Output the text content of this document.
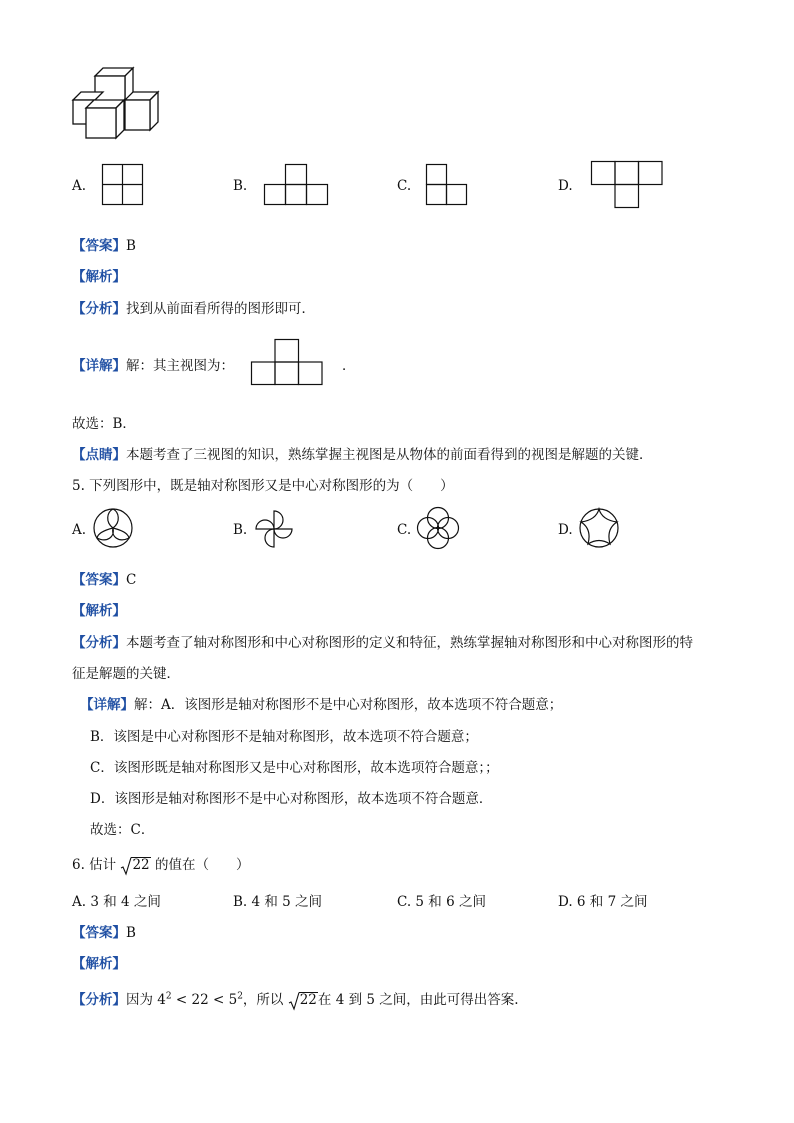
A.	B.	C.	D.
【答案】B
【解析】
【分析】找到从前面看所得的图形即可．
【详解】解：其主视图为：	．
故选：B．
【点睛】本题考查了三视图的知识，熟练掌握主视图是从物体的前面看得到的视图是解题的关键．
5. 下列图形中，既是轴对称图形又是中心对称图形的为（　　）
A.	B.	C.	D.
【答案】C
【解析】
【分析】本题考查了轴对称图形和中心对称图形的定义和特征，熟练掌握轴对称图形和中心对称图形的特
征是解题的关键．
【详解】解：A．该图形是轴对称图形不是中心对称图形，故本选项不符合题意；
B．该图是中心对称图形不是轴对称图形，故本选项不符合题意；
C．该图形既是轴对称图形又是中心对称图形，故本选项符合题意；；
D．该图形是轴对称图形不是中心对称图形，故本选项不符合题意．
故选：C．
6. 估计 22 的值在（　　）
A. 3 和 4 之间	B. 4 和 5 之间	C. 5 和 6 之间	D. 6 和 7 之间
【答案】B
【解析】
【分析】因为 $4^2 < 22 < 5^2$，所以 22在 4 到 5 之间，由此可得出答案.
